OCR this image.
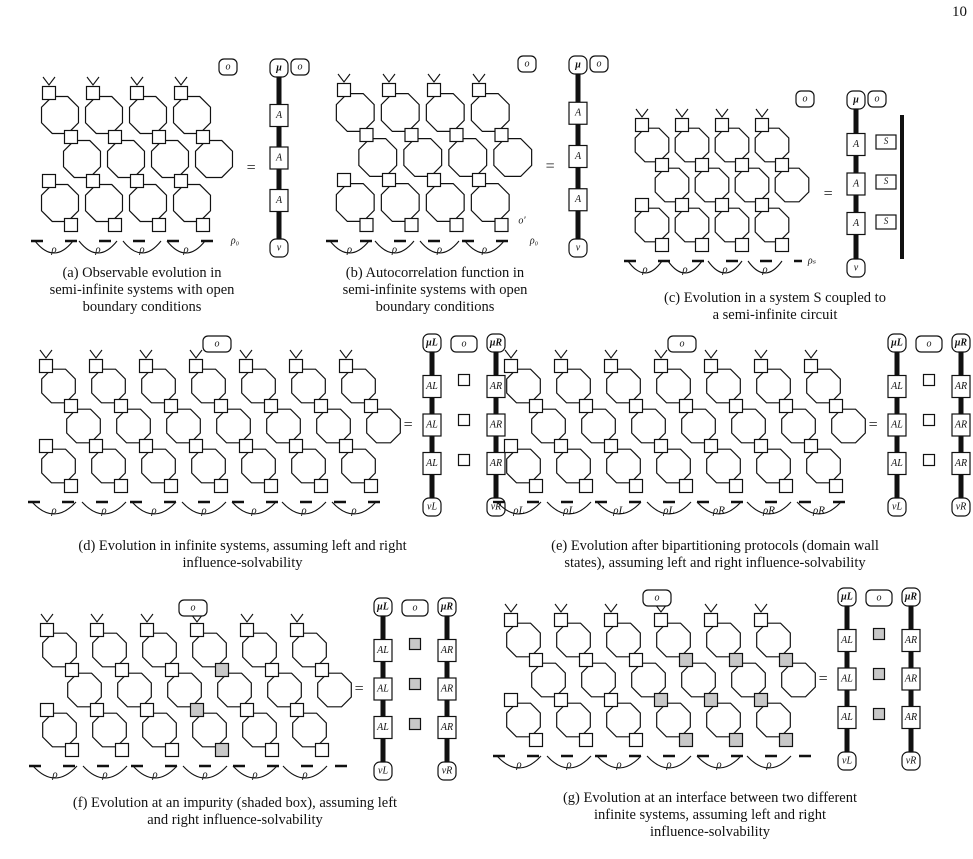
10
ρ	ρ	ρ	ρ
ρ₀
o
=
μ
A
A
A
ν
o
(a) Observable evolution in
semi-infinite systems with open
boundary conditions
ρ	ρ	ρ	ρ
ρ₀
o
=
μ
A
A
A
ν
o
o'
(b) Autocorrelation function in
semi-infinite systems with open
boundary conditions
ρ	ρ	ρ	ρ
ρₛ
o
=
μ
A
A
A
ν
S
S
S
o
(c) Evolution in a system S coupled to
a semi-infinite circuit
ρ	ρ	ρ	ρ	ρ	ρ	ρ
o
=
μL
AL
AL
AL
νL
μR
AR
AR
AR
νR
o
(d) Evolution in infinite systems, assuming left and right
influence-solvability
ρL	ρL	ρL	ρL	ρR	ρR	ρR
o
=
μL
AL
AL
AL
νL
μR
AR
AR
AR
νR
o
(e) Evolution after bipartitioning protocols (domain wall
states), assuming left and right influence-solvability
ρ	ρ	ρ	ρ	ρ	ρ
o
=
μL
AL
AL
AL
νL
μR
AR
AR
AR
νR
o
(f) Evolution at an impurity (shaded box), assuming left
and right influence-solvability
ρ	ρ	ρ	ρ	ρ	ρ
o
=
μL
AL
AL
AL
νL
μR
AR
AR
AR
νR
o
(g) Evolution at an interface between two different
infinite systems, assuming left and right
influence-solvability
